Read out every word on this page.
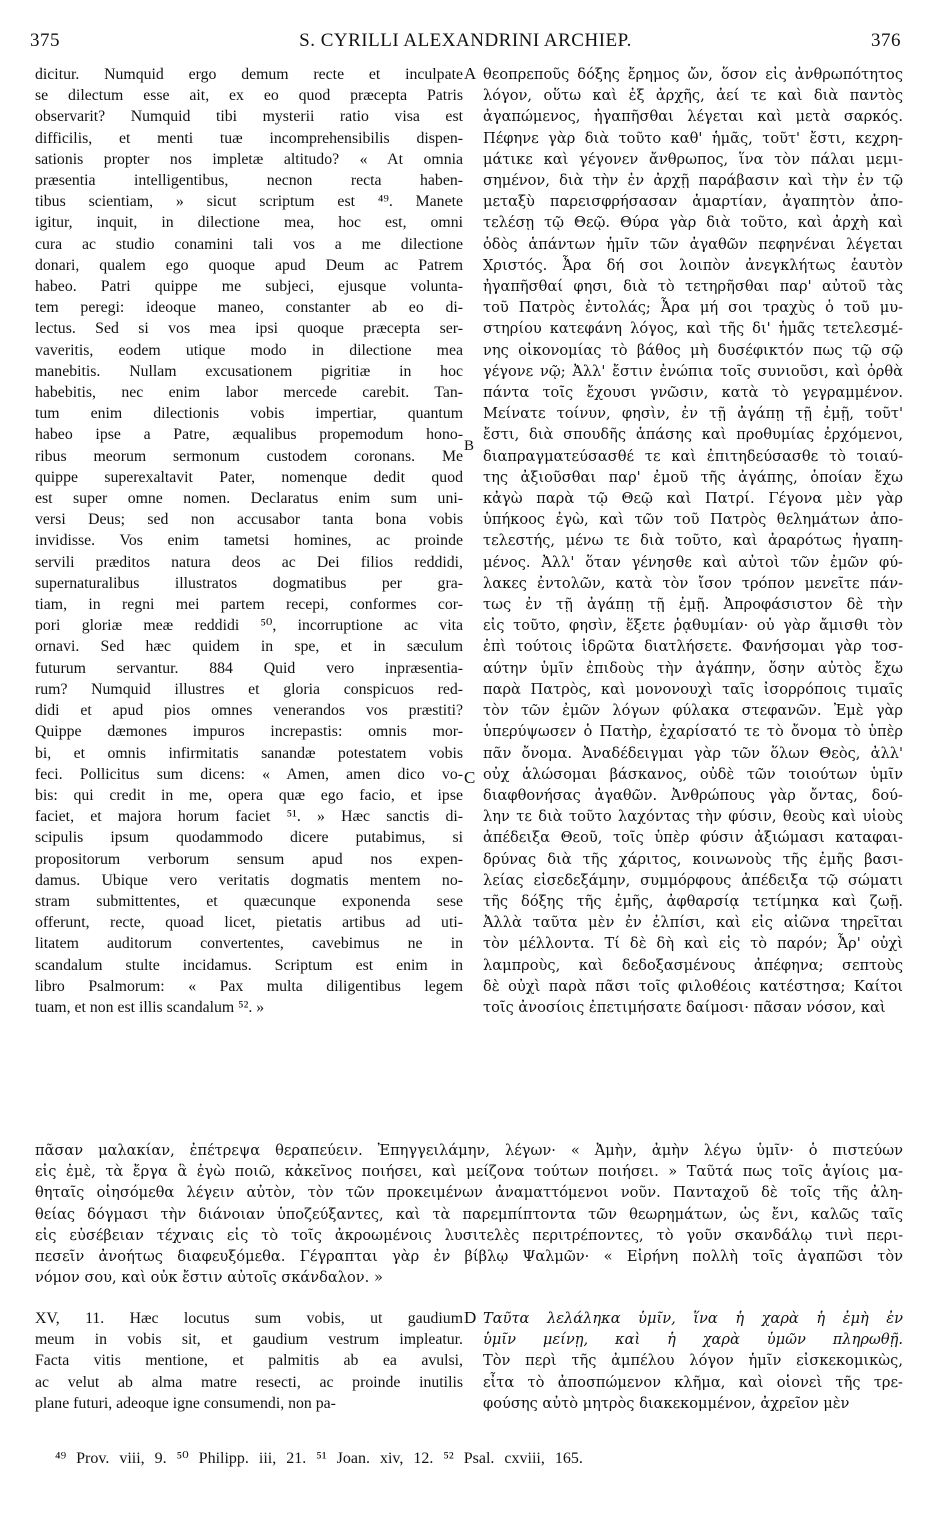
375	S. CYRILLI ALEXANDRINI ARCHIEP.	376
A
B
C
D
dicitur. Numquid ergo demum recte et inculpate
se dilectum esse ait, ex eo quod præcepta Patris
observarit? Numquid tibi mysterii ratio visa est
difficilis, et menti tuæ incomprehensibilis dispen-
sationis propter nos impletæ altitudo? « At omnia
præsentia intelligentibus, necnon recta haben-
tibus scientiam, » sicut scriptum est ⁴⁹. Manete
igitur, inquit, in dilectione mea, hoc est, omni
cura ac studio conamini tali vos a me dilectione
donari, qualem ego quoque apud Deum ac Patrem
habeo. Patri quippe me subjeci, ejusque volunta-
tem peregi: ideoque maneo, constanter ab eo di-
lectus. Sed si vos mea ipsi quoque præcepta ser-
vaveritis, eodem utique modo in dilectione mea
manebitis. Nullam excusationem pigritiæ in hoc
habebitis, nec enim labor mercede carebit. Tan-
tum enim dilectionis vobis impertiar, quantum
habeo ipse a Patre, æqualibus propemodum hono-
ribus meorum sermonum custodem coronans. Me
quippe superexaltavit Pater, nomenque dedit quod
est super omne nomen. Declaratus enim sum uni-
versi Deus; sed non accusabor tanta bona vobis
invidisse. Vos enim tametsi homines, ac proinde
servili præditos natura deos ac Dei filios reddidi,
supernaturalibus illustratos dogmatibus per gra-
tiam, in regni mei partem recepi, conformes cor-
pori gloriæ meæ reddidi ⁵⁰, incorruptione ac vita
ornavi. Sed hæc quidem in spe, et in sæculum
futurum servantur. 884 Quid vero inpræsentia-
rum? Numquid illustres et gloria conspicuos red-
didi et apud pios omnes venerandos vos præstiti?
Quippe dæmones impuros increpastis: omnis mor-
bi, et omnis infirmitatis sanandæ potestatem vobis
feci. Pollicitus sum dicens: « Amen, amen dico vo-
bis: qui credit in me, opera quæ ego facio, et ipse
faciet, et majora horum faciet ⁵¹. » Hæc sanctis di-
scipulis ipsum quodammodo dicere putabimus, si
propositorum verborum sensum apud nos expen-
damus. Ubique vero veritatis dogmatis mentem no-
stram submittentes, et quæcunque exponenda sese
offerunt, recte, quoad licet, pietatis artibus ad uti-
litatem auditorum convertentes, cavebimus ne in
scandalum stulte incidamus. Scriptum est enim in
libro Psalmorum: « Pax multa diligentibus legem
tuam, et non est illis scandalum ⁵². »
θεοπρεποῦς δόξης ἔρημος ὤν, ὅσον εἰς ἀνθρωπότητος
λόγον, οὕτω καὶ ἐξ ἀρχῆς, ἀεί τε καὶ διὰ παντὸς
ἀγαπώμενος, ἠγαπῆσθαι λέγεται καὶ μετὰ σαρκός.
Πέφηνε γὰρ διὰ τοῦτο καθ' ἡμᾶς, τοῦτ' ἔστι, κεχρη-
μάτικε καὶ γέγονεν ἄνθρωπος, ἵνα τὸν πάλαι μεμι-
σημένον, διὰ τὴν ἐν ἀρχῇ παράβασιν καὶ τὴν ἐν τῷ
μεταξὺ παρεισφρήσασαν ἁμαρτίαν, ἀγαπητὸν ἀπο-
τελέσῃ τῷ Θεῷ. Θύρα γὰρ διὰ τοῦτο, καὶ ἀρχὴ καὶ
ὁδὸς ἁπάντων ἡμῖν τῶν ἀγαθῶν πεφηνέναι λέγεται
Χριστός. Ἆρα δή σοι λοιπὸν ἀνεγκλήτως ἑαυτὸν
ἠγαπῆσθαί φησι, διὰ τὸ τετηρῆσθαι παρ' αὐτοῦ τὰς
τοῦ Πατρὸς ἐντολάς; Ἆρα μή σοι τραχὺς ὁ τοῦ μυ-
στηρίου κατεφάνη λόγος, καὶ τῆς δι' ἡμᾶς τετελεσμέ-
νης οἰκονομίας τὸ βάθος μὴ δυσέφικτόν πως τῷ σῷ
γέγονε νῷ; Ἀλλ' ἔστιν ἐνώπια τοῖς συνιοῦσι, καὶ ὀρθὰ
πάντα τοῖς ἔχουσι γνῶσιν, κατὰ τὸ γεγραμμένον.
Μείνατε τοίνυν, φησὶν, ἐν τῇ ἀγάπῃ τῇ ἐμῇ, τοῦτ'
ἔστι, διὰ σπουδῆς ἁπάσης καὶ προθυμίας ἐρχόμενοι,
διαπραγματεύσασθέ τε καὶ ἐπιτηδεύσασθε τὸ τοιαύ-
της ἀξιοῦσθαι παρ' ἐμοῦ τῆς ἀγάπης, ὁποίαν ἔχω
κἀγὼ παρὰ τῷ Θεῷ καὶ Πατρί. Γέγονα μὲν γὰρ
ὑπήκοος ἐγὼ, καὶ τῶν τοῦ Πατρὸς θελημάτων ἀπο-
τελεστής, μένω τε διὰ τοῦτο, καὶ ἀραρότως ἠγαπη-
μένος. Ἀλλ' ὅταν γένησθε καὶ αὐτοὶ τῶν ἐμῶν φύ-
λακες ἐντολῶν, κατὰ τὸν ἴσον τρόπον μενεῖτε πάν-
τως ἐν τῇ ἀγάπῃ τῇ ἐμῇ. Ἀπροφάσιστον δὲ τὴν
εἰς τοῦτο, φησὶν, ἕξετε ῥᾳθυμίαν· οὐ γὰρ ἄμισθι τὸν
ἐπὶ τούτοις ἱδρῶτα διατλήσετε. Φανήσομαι γὰρ τοσ-
αύτην ὑμῖν ἐπιδοὺς τὴν ἀγάπην, ὅσην αὐτὸς ἔχω
παρὰ Πατρὸς, καὶ μονονουχὶ ταῖς ἰσορρόποις τιμαῖς
τὸν τῶν ἐμῶν λόγων φύλακα στεφανῶν. Ἐμὲ γὰρ
ὑπερύψωσεν ὁ Πατὴρ, ἐχαρίσατό τε τὸ ὄνομα τὸ ὑπὲρ
πᾶν ὄνομα. Ἀναδέδειγμαι γὰρ τῶν ὅλων Θεὸς, ἀλλ'
οὐχ ἁλώσομαι βάσκανος, οὐδὲ τῶν τοιούτων ὑμῖν
διαφθονήσας ἀγαθῶν. Ἀνθρώπους γὰρ ὄντας, δού-
λην τε διὰ τοῦτο λαχόντας τὴν φύσιν, θεοὺς καὶ υἱοὺς
ἀπέδειξα Θεοῦ, τοῖς ὑπὲρ φύσιν ἀξιώμασι καταφαι-
δρύνας διὰ τῆς χάριτος, κοινωνοὺς τῆς ἐμῆς βασι-
λείας εἰσεδεξάμην, συμμόρφους ἀπέδειξα τῷ σώματι
τῆς δόξης τῆς ἐμῆς, ἀφθαρσίᾳ τετίμηκα καὶ ζωῇ.
Ἀλλὰ ταῦτα μὲν ἐν ἐλπίσι, καὶ εἰς αἰῶνα τηρεῖται
τὸν μέλλοντα. Τί δὲ δὴ καὶ εἰς τὸ παρόν; Ἆρ' οὐχὶ
λαμπροὺς, καὶ δεδοξασμένους ἀπέφηνα; σεπτοὺς
δὲ οὐχὶ παρὰ πᾶσι τοῖς φιλοθέοις κατέστησα; Καίτοι
τοῖς ἀνοσίοις ἐπετιμήσατε δαίμοσι· πᾶσαν νόσον, καὶ
πᾶσαν μαλακίαν, ἐπέτρεψα θεραπεύειν. Ἐπηγγειλάμην, λέγων· « Ἀμὴν, ἀμὴν λέγω ὑμῖν· ὁ πιστεύων
εἰς ἐμὲ, τὰ ἔργα ἃ ἐγὼ ποιῶ, κἀκεῖνος ποιήσει, καὶ μείζονα τούτων ποιήσει. » Ταῦτά πως τοῖς ἁγίοις μα-
θηταῖς οἰησόμεθα λέγειν αὐτὸν, τὸν τῶν προκειμένων ἀναματτόμενοι νοῦν. Πανταχοῦ δὲ τοῖς τῆς ἀλη-
θείας δόγμασι τὴν διάνοιαν ὑποζεύξαντες, καὶ τὰ παρεμπίπτοντα τῶν θεωρημάτων, ὡς ἔνι, καλῶς ταῖς
εἰς εὐσέβειαν τέχναις εἰς τὸ τοῖς ἀκροωμένοις λυσιτελὲς περιτρέποντες, τὸ γοῦν σκανδάλῳ τινὶ περι-
πεσεῖν ἀνοήτως διαφευξόμεθα. Γέγραπται γὰρ ἐν βίβλῳ Ψαλμῶν· « Εἰρήνη πολλὴ τοῖς ἀγαπῶσι τὸν
νόμον σου, καὶ οὐκ ἔστιν αὐτοῖς σκάνδαλον. »
XV, 11. Hæc locutus sum vobis, ut gaudium
meum in vobis sit, et gaudium vestrum impleatur.
Facta vitis mentione, et palmitis ab ea avulsi,
ac velut ab alma matre resecti, ac proinde inutilis
plane futuri, adeoque igne consumendi, non pa-
Ταῦτα λελάληκα ὑμῖν, ἵνα ἡ χαρὰ ἡ ἐμὴ ἐν
ὑμῖν μείνῃ, καὶ ἡ χαρὰ ὑμῶν πληρωθῇ.
Τὸν περὶ τῆς ἀμπέλου λόγον ἡμῖν εἰσκεκομικὼς,
εἶτα τὸ ἀποσπώμενον κλῆμα, καὶ οἱονεὶ τῆς τρε-
φούσης αὐτὸ μητρὸς διακεκομμένον, ἀχρεῖον μὲν
⁴⁹ Prov. viii, 9. ⁵⁰ Philipp. iii, 21. ⁵¹ Joan. xiv, 12. ⁵² Psal. cxviii, 165.
